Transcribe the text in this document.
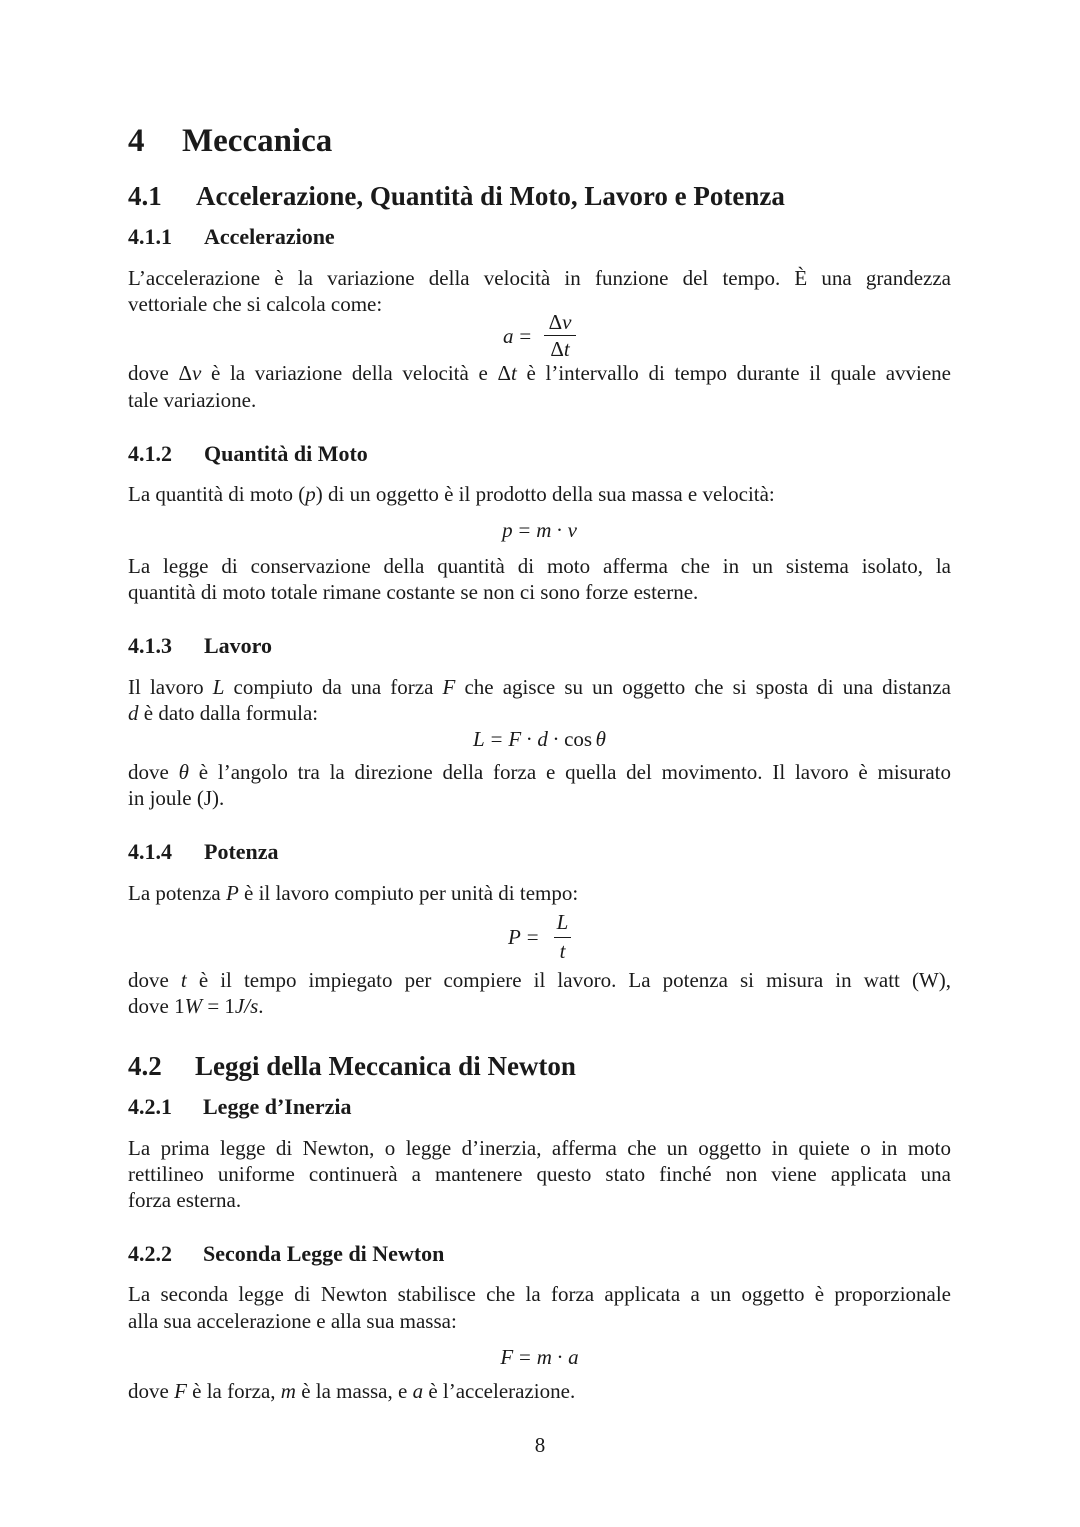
4 Meccanica
4.1 Accelerazione, Quantità di Moto, Lavoro e Potenza
4.1.1 Accelerazione
L’accelerazione è la variazione della velocità in funzione del tempo. È una grandezza
vettoriale che si calcola come:
a =
Δv
Δt
dove Δv è la variazione della velocità e Δt è l’intervallo di tempo durante il quale avviene
tale variazione.
4.1.2 Quantità di Moto
La quantità di moto (p) di un oggetto è il prodotto della sua massa e velocità:
p = m · v
La legge di conservazione della quantità di moto afferma che in un sistema isolato, la
quantità di moto totale rimane costante se non ci sono forze esterne.
4.1.3 Lavoro
Il lavoro L compiuto da una forza F che agisce su un oggetto che si sposta di una distanza
d è dato dalla formula:
L = F · d · cos θ
dove θ è l’angolo tra la direzione della forza e quella del movimento. Il lavoro è misurato
in joule (J).
4.1.4 Potenza
La potenza P è il lavoro compiuto per unità di tempo:
P =
L
t
dove t è il tempo impiegato per compiere il lavoro. La potenza si misura in watt (W),
dove 1W = 1J/s.
4.2 Leggi della Meccanica di Newton
4.2.1 Legge d’Inerzia
La prima legge di Newton, o legge d’inerzia, afferma che un oggetto in quiete o in moto
rettilineo uniforme continuerà a mantenere questo stato finché non viene applicata una
forza esterna.
4.2.2 Seconda Legge di Newton
La seconda legge di Newton stabilisce che la forza applicata a un oggetto è proporzionale
alla sua accelerazione e alla sua massa:
F = m · a
dove F è la forza, m è la massa, e a è l’accelerazione.
8
